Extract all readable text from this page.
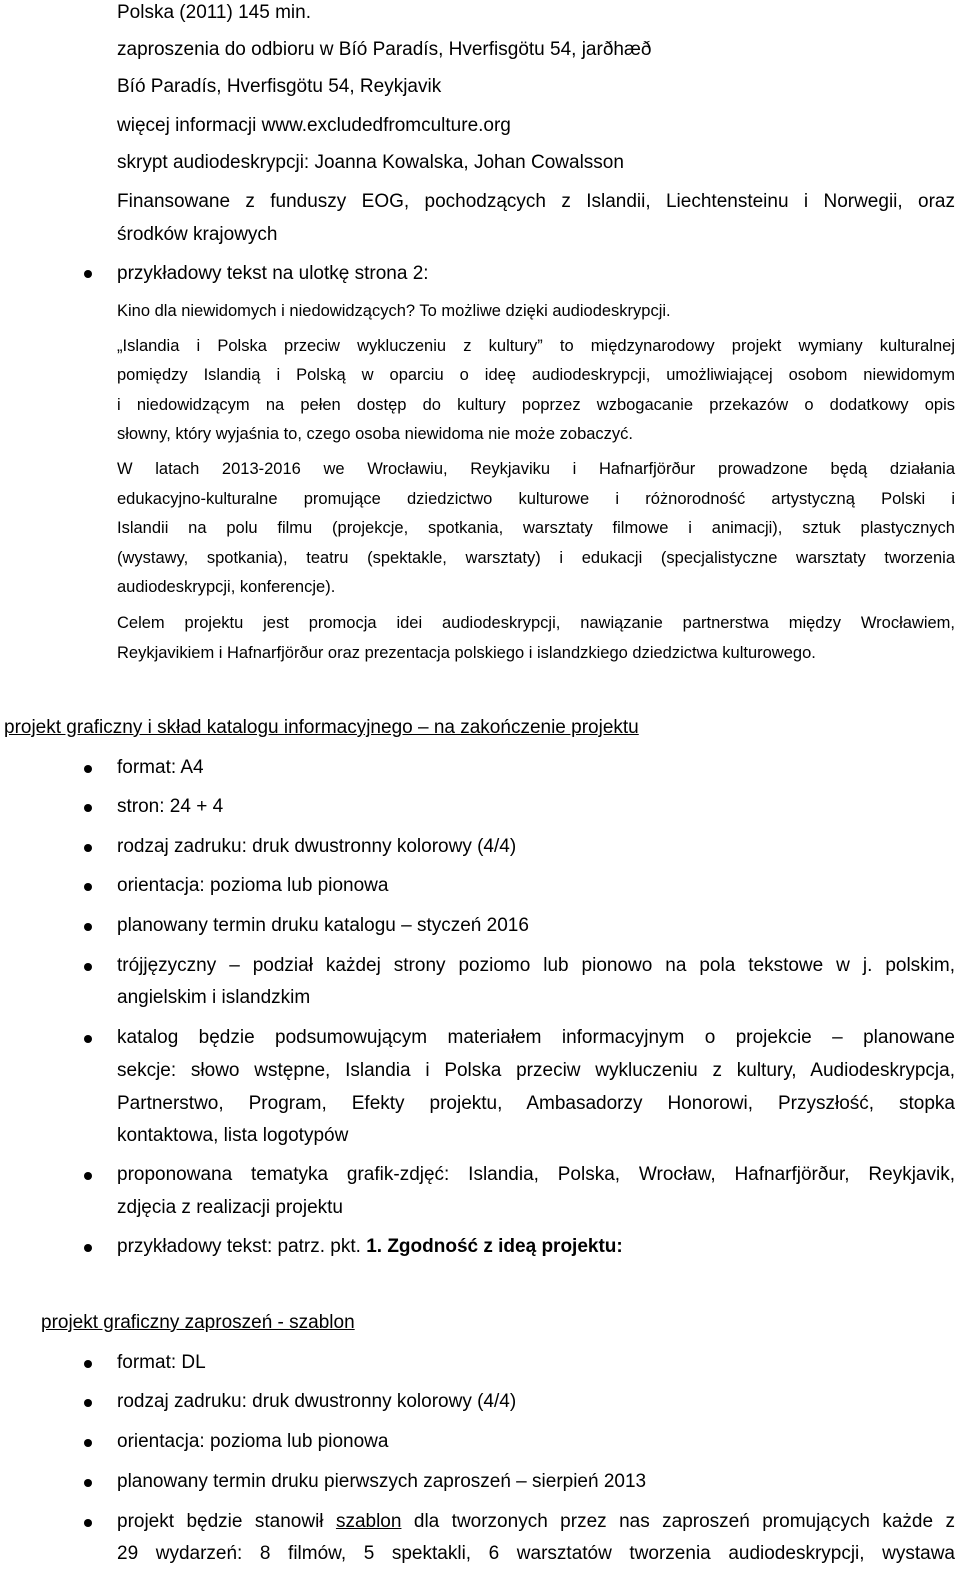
Polska (2011) 145 min.
zaproszenia do odbioru w Bíó Paradís, Hverfisgötu 54, jarðhæð
Bíó Paradís, Hverfisgötu 54, Reykjavik
więcej informacji www.excludedfromculture.org
skrypt audiodeskrypcji: Joanna Kowalska, Johan Cowalsson
Finansowane z funduszy EOG, pochodzących z Islandii, Liechtensteinu i Norwegii, oraz
środków krajowych
przykładowy tekst na ulotkę strona 2:
Kino dla niewidomych i niedowidzących? To możliwe dzięki audiodeskrypcji.
„Islandia i Polska przeciw wykluczeniu z kultury” to międzynarodowy projekt wymiany kulturalnej
pomiędzy Islandią i Polską w oparciu o ideę audiodeskrypcji, umożliwiającej osobom niewidomym
i niedowidzącym na pełen dostęp do kultury poprzez wzbogacanie przekazów o dodatkowy opis
słowny, który wyjaśnia to, czego osoba niewidoma nie może zobaczyć.
W latach 2013-2016 we Wrocławiu, Reykjaviku i Hafnarfjörður prowadzone będą działania
edukacyjno-kulturalne promujące dziedzictwo kulturowe i różnorodność artystyczną Polski i
Islandii na polu filmu (projekcje, spotkania, warsztaty filmowe i animacji), sztuk plastycznych
(wystawy, spotkania), teatru (spektakle, warsztaty) i edukacji (specjalistyczne warsztaty tworzenia
audiodeskrypcji, konferencje).
Celem projektu jest promocja idei audiodeskrypcji, nawiązanie partnerstwa między Wrocławiem,
Reykjavikiem i Hafnarfjörður oraz prezentacja polskiego i islandzkiego dziedzictwa kulturowego.
projekt graficzny i skład katalogu informacyjnego – na zakończenie projektu
format: A4
stron: 24 + 4
rodzaj zadruku: druk dwustronny kolorowy (4/4)
orientacja: pozioma lub pionowa
planowany termin druku katalogu – styczeń 2016
trójjęzyczny – podział każdej strony poziomo lub pionowo na pola tekstowe w j. polskim,
angielskim i islandzkim
katalog będzie podsumowującym materiałem informacyjnym o projekcie – planowane
sekcje: słowo wstępne, Islandia i Polska przeciw wykluczeniu z kultury, Audiodeskrypcja,
Partnerstwo, Program, Efekty projektu, Ambasadorzy Honorowi, Przyszłość, stopka
kontaktowa, lista logotypów
proponowana tematyka grafik-zdjęć: Islandia, Polska, Wrocław, Hafnarfjörður, Reykjavik,
zdjęcia z realizacji projektu
przykładowy tekst: patrz. pkt. 1. Zgodność z ideą projektu:
projekt graficzny zaproszeń - szablon
format: DL
rodzaj zadruku: druk dwustronny kolorowy (4/4)
orientacja: pozioma lub pionowa
planowany termin druku pierwszych zaproszeń – sierpień 2013
projekt będzie stanowił szablon dla tworzonych przez nas zaproszeń promujących każde z
29 wydarzeń: 8 filmów, 5 spektakli, 6 warsztatów tworzenia audiodeskrypcji, wystawa
